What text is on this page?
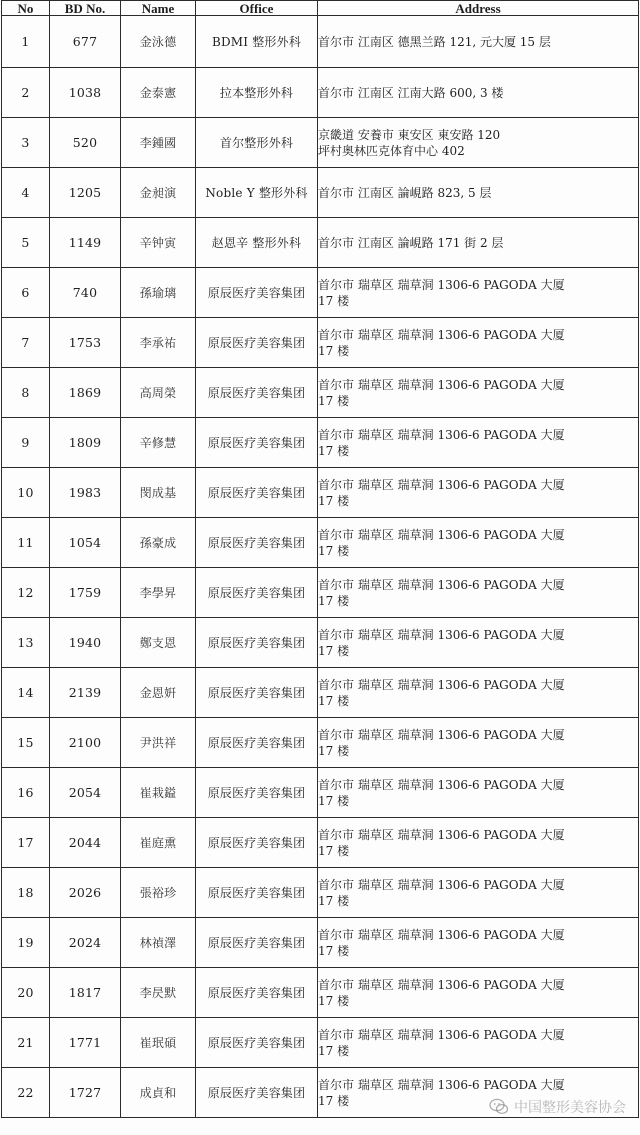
No	BD No.	Name	Office	Address
1	677	金泳德	BDMI 整形外科	首尔市 江南区 德黑兰路 121, 元大厦 15 层
2	1038	金泰憲	拉本整形外科	首尔市 江南区 江南大路 600, 3 楼
3	520	李鍾國	首尔整形外科	京畿道 安養市 東安区 東安路 120
坪村奥林匹克体育中心 402
4	1205	金昶演	Noble Y 整形外科	首尔市 江南区 論峴路 823, 5 层
5	1149	辛钟寅	赵恩辛 整形外科	首尔市 江南区 論峴路 171 街 2 层
6	740	孫瑜璃	原辰医疗美容集团	首尔市 瑞草区 瑞草洞 1306-6 PAGODA 大厦
17 楼
7	1753	李承祐	原辰医疗美容集团	首尔市 瑞草区 瑞草洞 1306-6 PAGODA 大厦
17 楼
8	1869	高周榮	原辰医疗美容集团	首尔市 瑞草区 瑞草洞 1306-6 PAGODA 大厦
17 楼
9	1809	辛修慧	原辰医疗美容集团	首尔市 瑞草区 瑞草洞 1306-6 PAGODA 大厦
17 楼
10	1983	閔成基	原辰医疗美容集团	首尔市 瑞草区 瑞草洞 1306-6 PAGODA 大厦
17 楼
11	1054	孫豪成	原辰医疗美容集团	首尔市 瑞草区 瑞草洞 1306-6 PAGODA 大厦
17 楼
12	1759	李學昇	原辰医疗美容集团	首尔市 瑞草区 瑞草洞 1306-6 PAGODA 大厦
17 楼
13	1940	鄭支恩	原辰医疗美容集团	首尔市 瑞草区 瑞草洞 1306-6 PAGODA 大厦
17 楼
14	2139	金恩姸	原辰医疗美容集团	首尔市 瑞草区 瑞草洞 1306-6 PAGODA 大厦
17 楼
15	2100	尹洪祥	原辰医疗美容集团	首尔市 瑞草区 瑞草洞 1306-6 PAGODA 大厦
17 楼
16	2054	崔栽鎰	原辰医疗美容集团	首尔市 瑞草区 瑞草洞 1306-6 PAGODA 大厦
17 楼
17	2044	崔庭熏	原辰医疗美容集团	首尔市 瑞草区 瑞草洞 1306-6 PAGODA 大厦
17 楼
18	2026	張裕珍	原辰医疗美容集团	首尔市 瑞草区 瑞草洞 1306-6 PAGODA 大厦
17 楼
19	2024	林禎澤	原辰医疗美容集团	首尔市 瑞草区 瑞草洞 1306-6 PAGODA 大厦
17 楼
20	1817	李昃默	原辰医疗美容集团	首尔市 瑞草区 瑞草洞 1306-6 PAGODA 大厦
17 楼
21	1771	崔珉碩	原辰医疗美容集团	首尔市 瑞草区 瑞草洞 1306-6 PAGODA 大厦
17 楼
22	1727	成貞和	原辰医疗美容集团	首尔市 瑞草区 瑞草洞 1306-6 PAGODA 大厦
17 楼	中国整形美容协会
